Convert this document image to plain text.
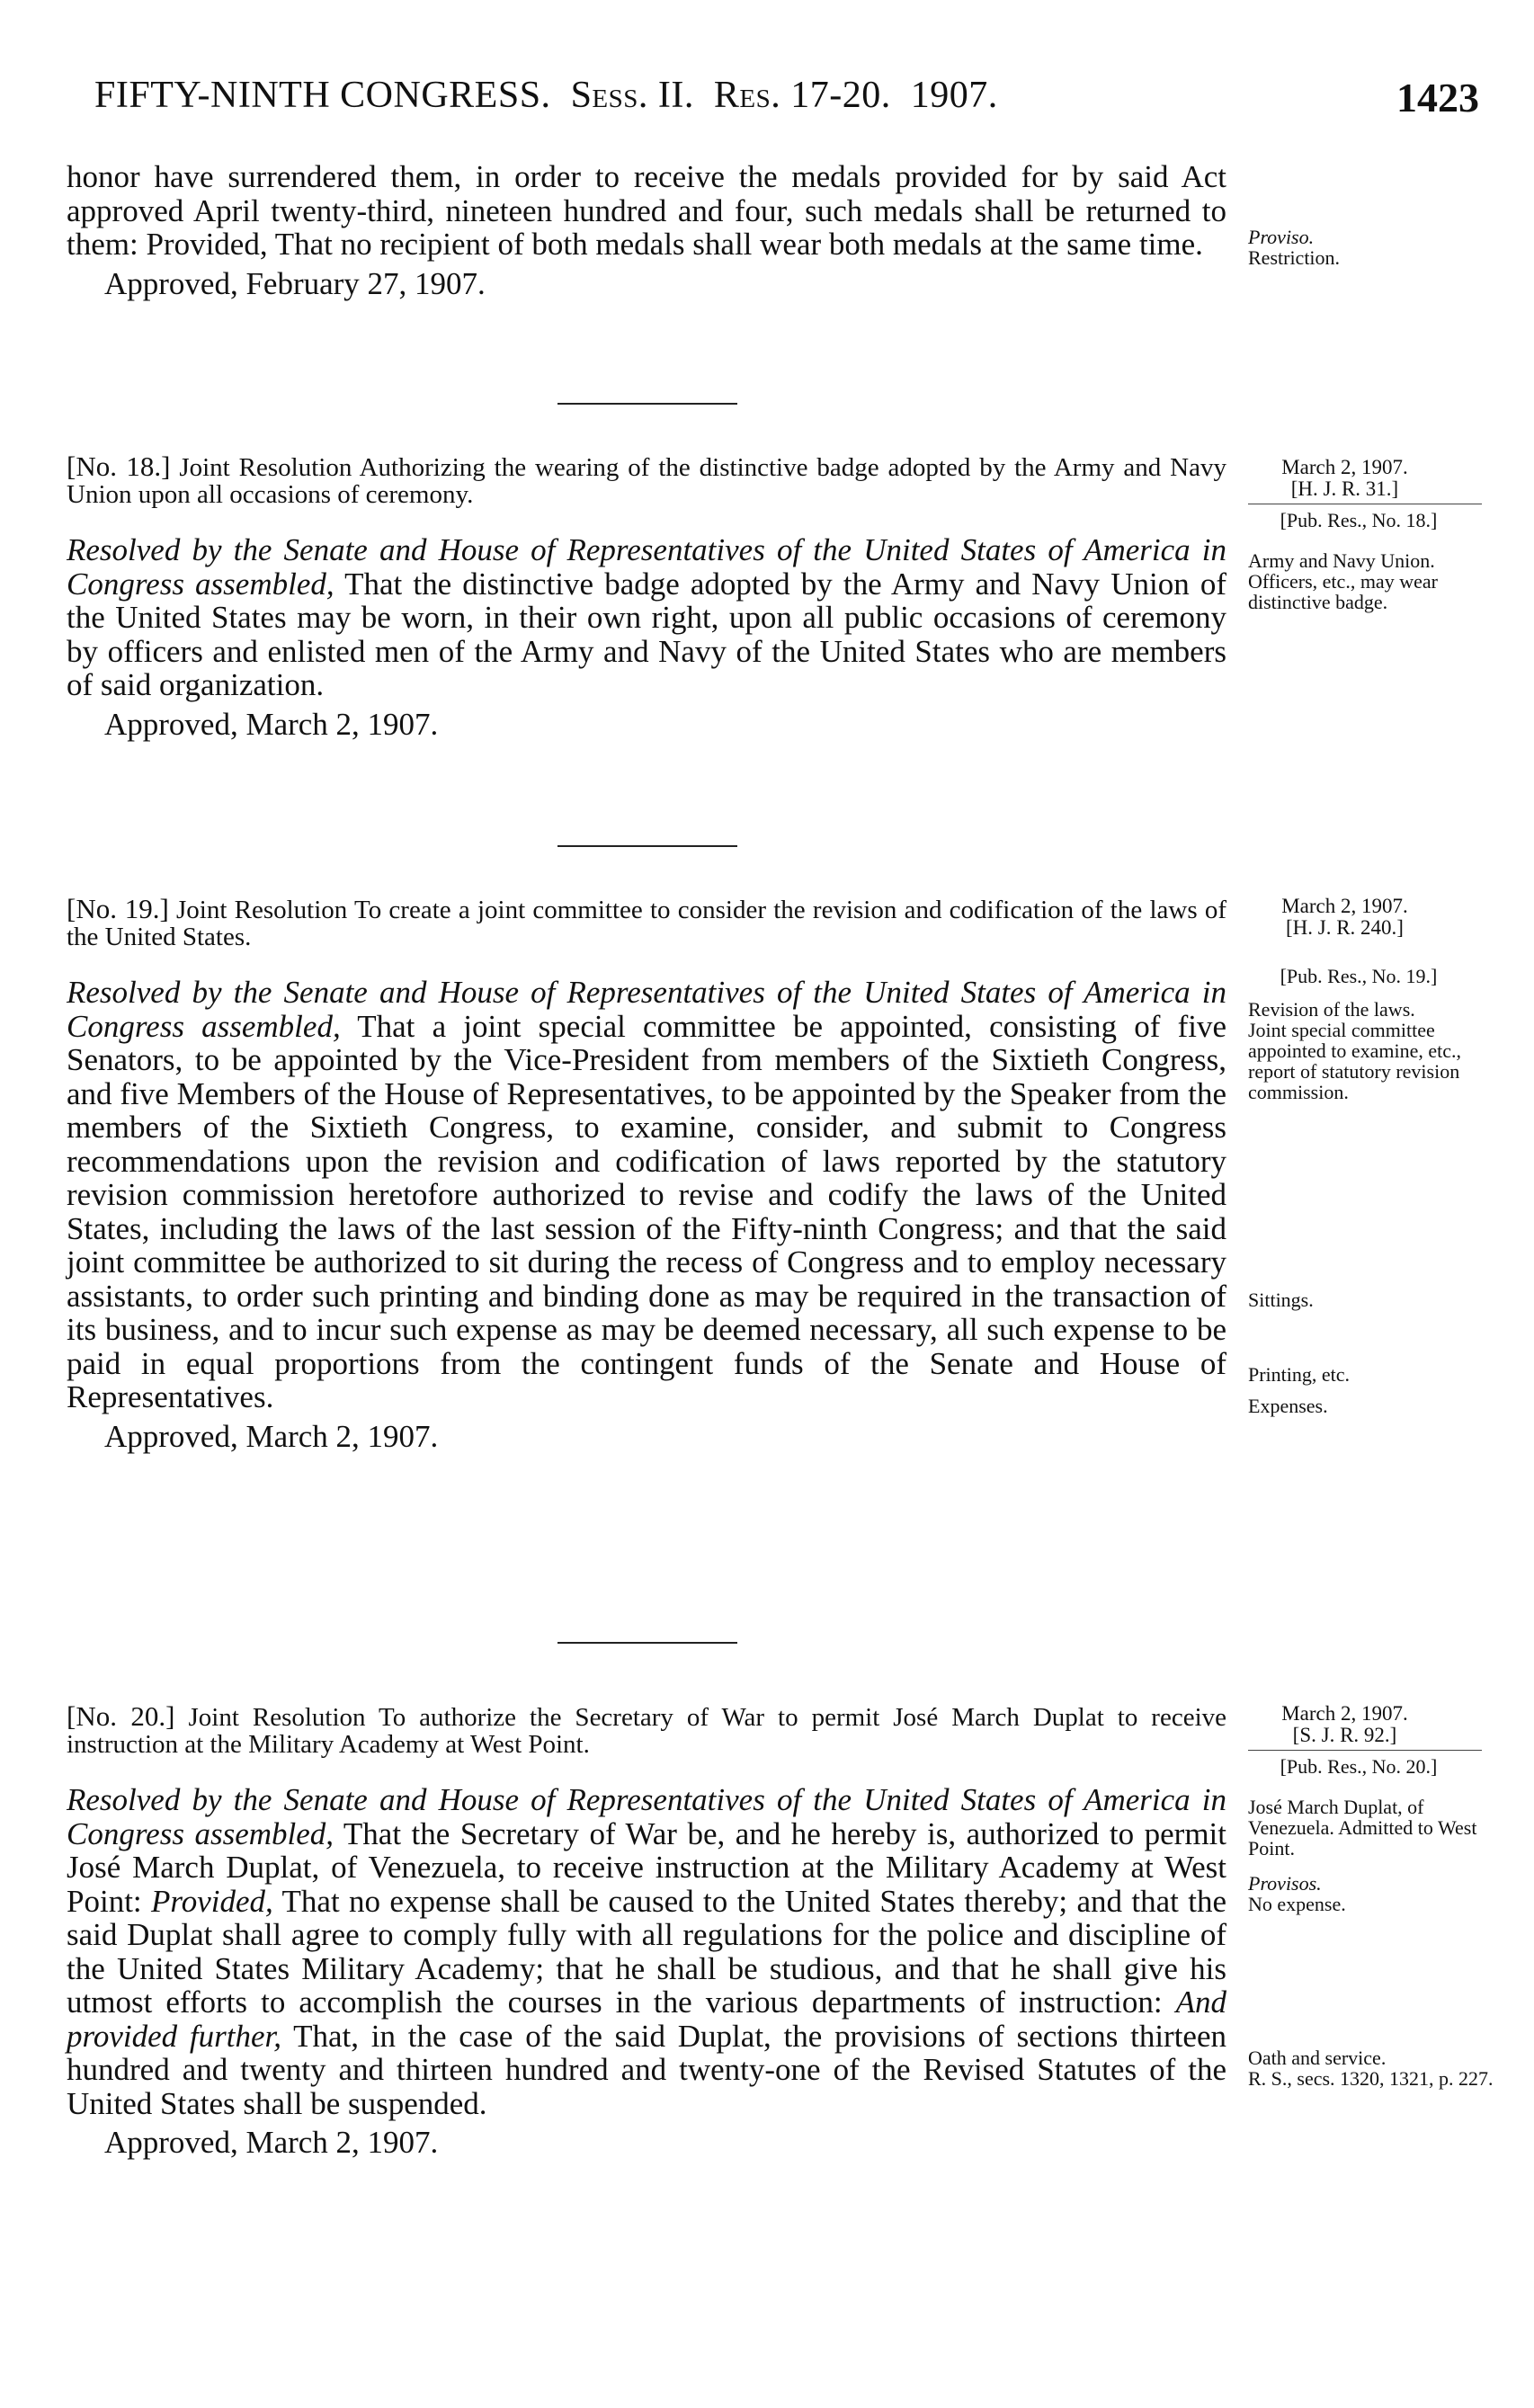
FIFTY-NINTH CONGRESS. Sess. II. Res. 17-20. 1907.	1423

honor have surrendered them, in order to receive the medals provided for by said Act approved April twenty-third, nineteen hundred and four, such medals shall be returned to them: Provided, That no recipient of both medals shall wear both medals at the same time.

Approved, February 27, 1907.
Proviso.
Restriction.
[No. 18.] Joint Resolution Authorizing the wearing of the distinctive badge adopted by the Army and Navy Union upon all occasions of ceremony.

Resolved by the Senate and House of Representatives of the United States of America in Congress assembled, That the distinctive badge adopted by the Army and Navy Union of the United States may be worn, in their own right, upon all public occasions of ceremony by officers and enlisted men of the Army and Navy of the United States who are members of said organization.

Approved, March 2, 1907.
March 2, 1907.
[H. J. R. 31.]
[Pub. Res., No. 18.]
Army and Navy Union. Officers, etc., may wear distinctive badge.
[No. 19.] Joint Resolution To create a joint committee to consider the revision and codification of the laws of the United States.

Resolved by the Senate and House of Representatives of the United States of America in Congress assembled, That a joint special committee be appointed, consisting of five Senators, to be appointed by the Vice-President from members of the Sixtieth Congress, and five Members of the House of Representatives, to be appointed by the Speaker from the members of the Sixtieth Congress, to examine, consider, and submit to Congress recommendations upon the revision and codification of laws reported by the statutory revision commission heretofore authorized to revise and codify the laws of the United States, including the laws of the last session of the Fifty-ninth Congress; and that the said joint committee be authorized to sit during the recess of Congress and to employ necessary assistants, to order such printing and binding done as may be required in the transaction of its business, and to incur such expense as may be deemed necessary, all such expense to be paid in equal proportions from the contingent funds of the Senate and House of Representatives.

Approved, March 2, 1907.
March 2, 1907.
[H. J. R. 240.]
[Pub. Res., No. 19.]
Revision of the laws.
Joint special committee appointed to examine, etc., report of statutory revision commission.
Sittings.
Printing, etc.
Expenses.
[No. 20.] Joint Resolution To authorize the Secretary of War to permit José March Duplat to receive instruction at the Military Academy at West Point.

Resolved by the Senate and House of Representatives of the United States of America in Congress assembled, That the Secretary of War be, and he hereby is, authorized to permit José March Duplat, of Venezuela, to receive instruction at the Military Academy at West Point: Provided, That no expense shall be caused to the United States thereby; and that the said Duplat shall agree to comply fully with all regulations for the police and discipline of the United States Military Academy; that he shall be studious, and that he shall give his utmost efforts to accomplish the courses in the various departments of instruction: And provided further, That, in the case of the said Duplat, the provisions of sections thirteen hundred and twenty and thirteen hundred and twenty-one of the Revised Statutes of the United States shall be suspended.

Approved, March 2, 1907.
March 2, 1907.
[S. J. R. 92.]
[Pub. Res., No. 20.]
José March Duplat, of Venezuela. Admitted to West Point.
Provisos.
No expense.
Oath and service.
R. S., secs. 1320, 1321, p. 227.
